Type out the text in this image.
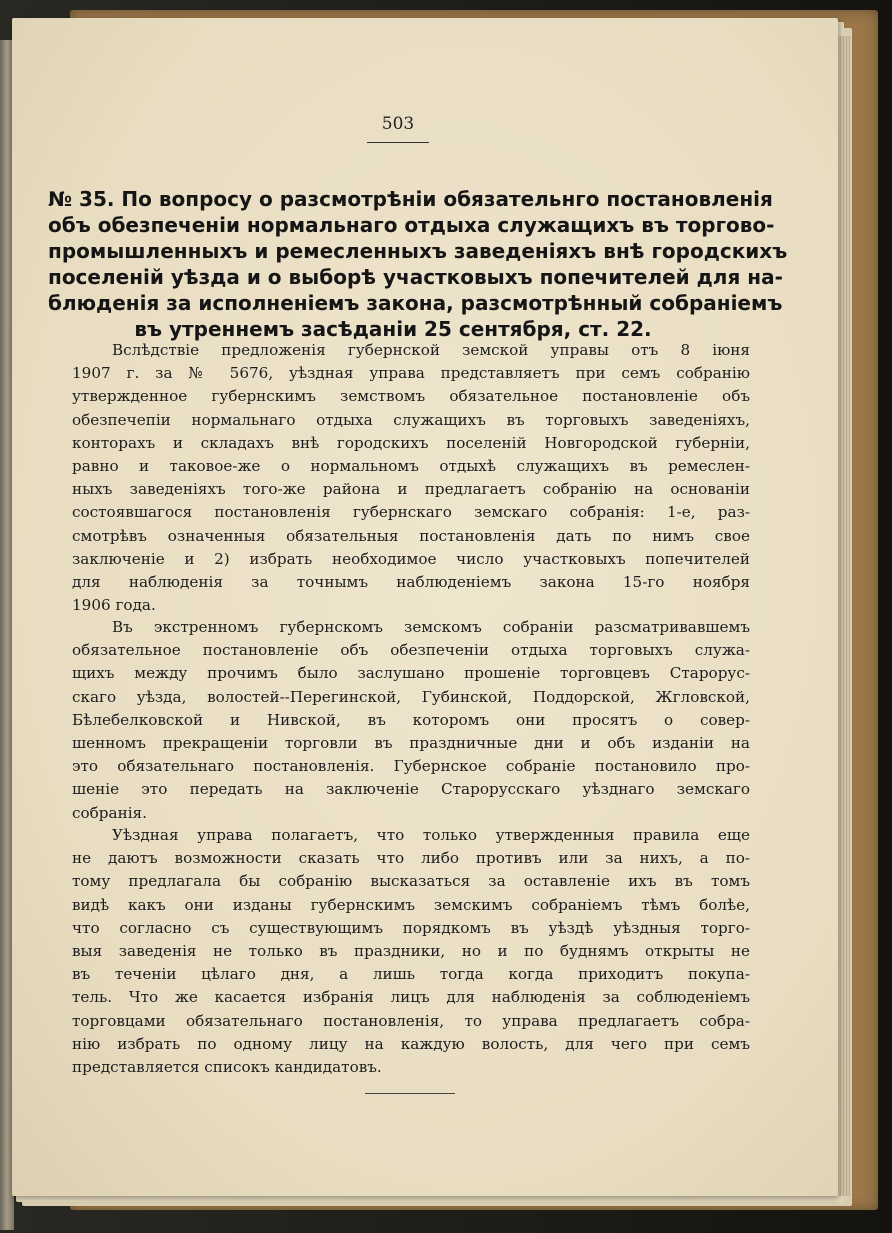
503
№ 35. По вопросу о разсмотрѣніи обязательнго постановленія
объ обезпеченіи нормальнаго отдыха служащихъ въ торгово-
промышленныхъ и ремесленныхъ заведеніяхъ внѣ городскихъ
поселеній уѣзда и о выборѣ участковыхъ попечителей для на-
блюденія за исполненіемъ закона, разсмотрѣнный собраніемъ
въ утреннемъ засѣданіи 25 сентября, ст. 22.
Вслѣдствіе предложенія губернской земской управы отъ 8 іюня
1907 г. за № 5676, уѣздная управа представляетъ при семъ собранію
утвержденное губернскимъ земствомъ обязательное постановленіе объ
обезпечепіи нормальнаго отдыха служащихъ въ торговыхъ заведеніяхъ,
конторахъ и складахъ внѣ городскихъ поселеній Новгородской губерніи,
равно и таковое-же о нормальномъ отдыхѣ служащихъ въ ремеслен-
ныхъ заведеніяхъ того-же района и предлагаетъ собранію на основаніи
состоявшагося постановленія губернскаго земскаго собранія: 1-е, раз-
смотрѣвъ означенныя обязательныя постановленія дать по нимъ свое
заключеніе и 2) избрать необходимое число участковыхъ попечителей
для наблюденія за точнымъ наблюденіемъ закона 15-го ноября
1906 года.
Въ экстренномъ губернскомъ земскомъ собраніи разсматривавшемъ
обязательное постановленіе объ обезпеченіи отдыха торговыхъ служа-
щихъ между прочимъ было заслушано прошеніе торговцевъ Старорус-
скаго уѣзда, волостей--Перегинской, Губинской, Поддорской, Жгловской,
Бѣлебелковской и Нивской, въ которомъ они просятъ о совер-
шенномъ прекращеніи торговли въ праздничные дни и объ изданіи на
это обязательнаго постановленія. Губернское собраніе постановило про-
шеніе это передать на заключеніе Старорусскаго уѣзднаго земскаго
собранія.
Уѣздная управа полагаетъ, что только утвержденныя правила еще
не даютъ возможности сказать что либо противъ или за нихъ, а по-
тому предлагала бы собранію высказаться за оставленіе ихъ въ томъ
видѣ какъ они изданы губернскимъ земскимъ собраніемъ тѣмъ болѣе,
что согласно съ существующимъ порядкомъ въ уѣздѣ уѣздныя торго-
выя заведенія не только въ праздники, но и по буднямъ открыты не
въ теченіи цѣлаго дня, а лишь тогда когда приходитъ покупа-
тель. Что же касается избранія лицъ для наблюденія за соблюденіемъ
торговцами обязательнаго постановленія, то управа предлагаетъ собра-
нію избрать по одному лицу на каждую волость, для чего при семъ
представляется списокъ кандидатовъ.
